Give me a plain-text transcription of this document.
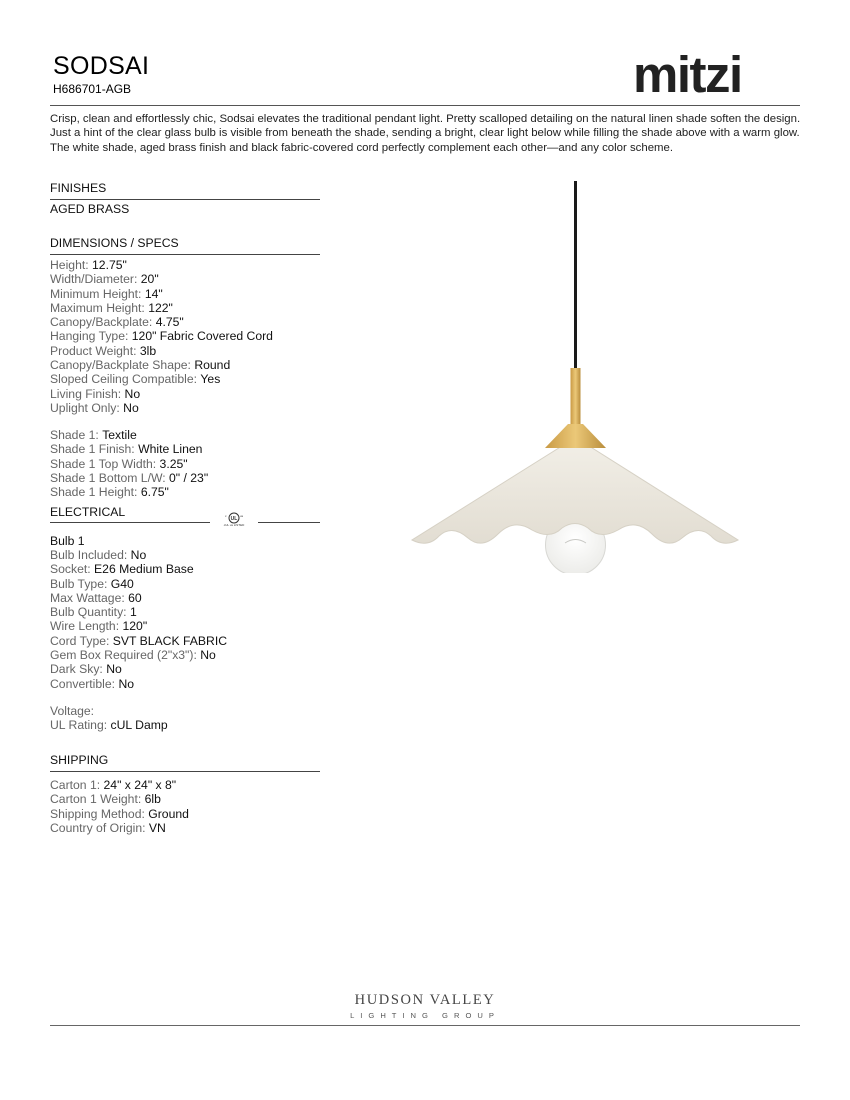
SODSAI
H686701-AGB	mitzi
Crisp, clean and effortlessly chic, Sodsai elevates the traditional pendant light. Pretty scalloped detailing on the natural linen shade soften the design. Just a hint of the clear glass bulb is visible from beneath the shade, sending a bright, clear light below while filling the shade above with a warm glow. The white shade, aged brass finish and black fabric-covered cord perfectly complement each other—and any color scheme.
FINISHES
AGED BRASS
DIMENSIONS / SPECS
Height: 12.75"
Width/Diameter: 20"
Minimum Height: 14"
Maximum Height: 122"
Canopy/Backplate: 4.75"
Hanging Type: 120" Fabric Covered Cord
Product Weight: 3lb
Canopy/Backplate Shape: Round
Sloped Ceiling Compatible: Yes
Living Finish: No
Uplight Only: No
Shade 1: Textile
Shade 1 Finish: White Linen
Shade 1 Top Width: 3.25"
Shade 1 Bottom L/W: 0" / 23"
Shade 1 Height: 6.75"
ELECTRICAL	UL
c	us
cUL us LISTED
Bulb 1
Bulb Included: No
Socket: E26 Medium Base
Bulb Type: G40
Max Wattage: 60
Bulb Quantity: 1
Wire Length: 120"
Cord Type: SVT BLACK FABRIC
Gem Box Required (2"x3"): No
Dark Sky: No
Convertible: No
Voltage:
UL Rating: cUL Damp
SHIPPING
Carton 1: 24" x 24" x 8"
Carton 1 Weight: 6lb
Shipping Method: Ground
Country of Origin: VN
HUDSON VALLEY
LIGHTING GROUP
